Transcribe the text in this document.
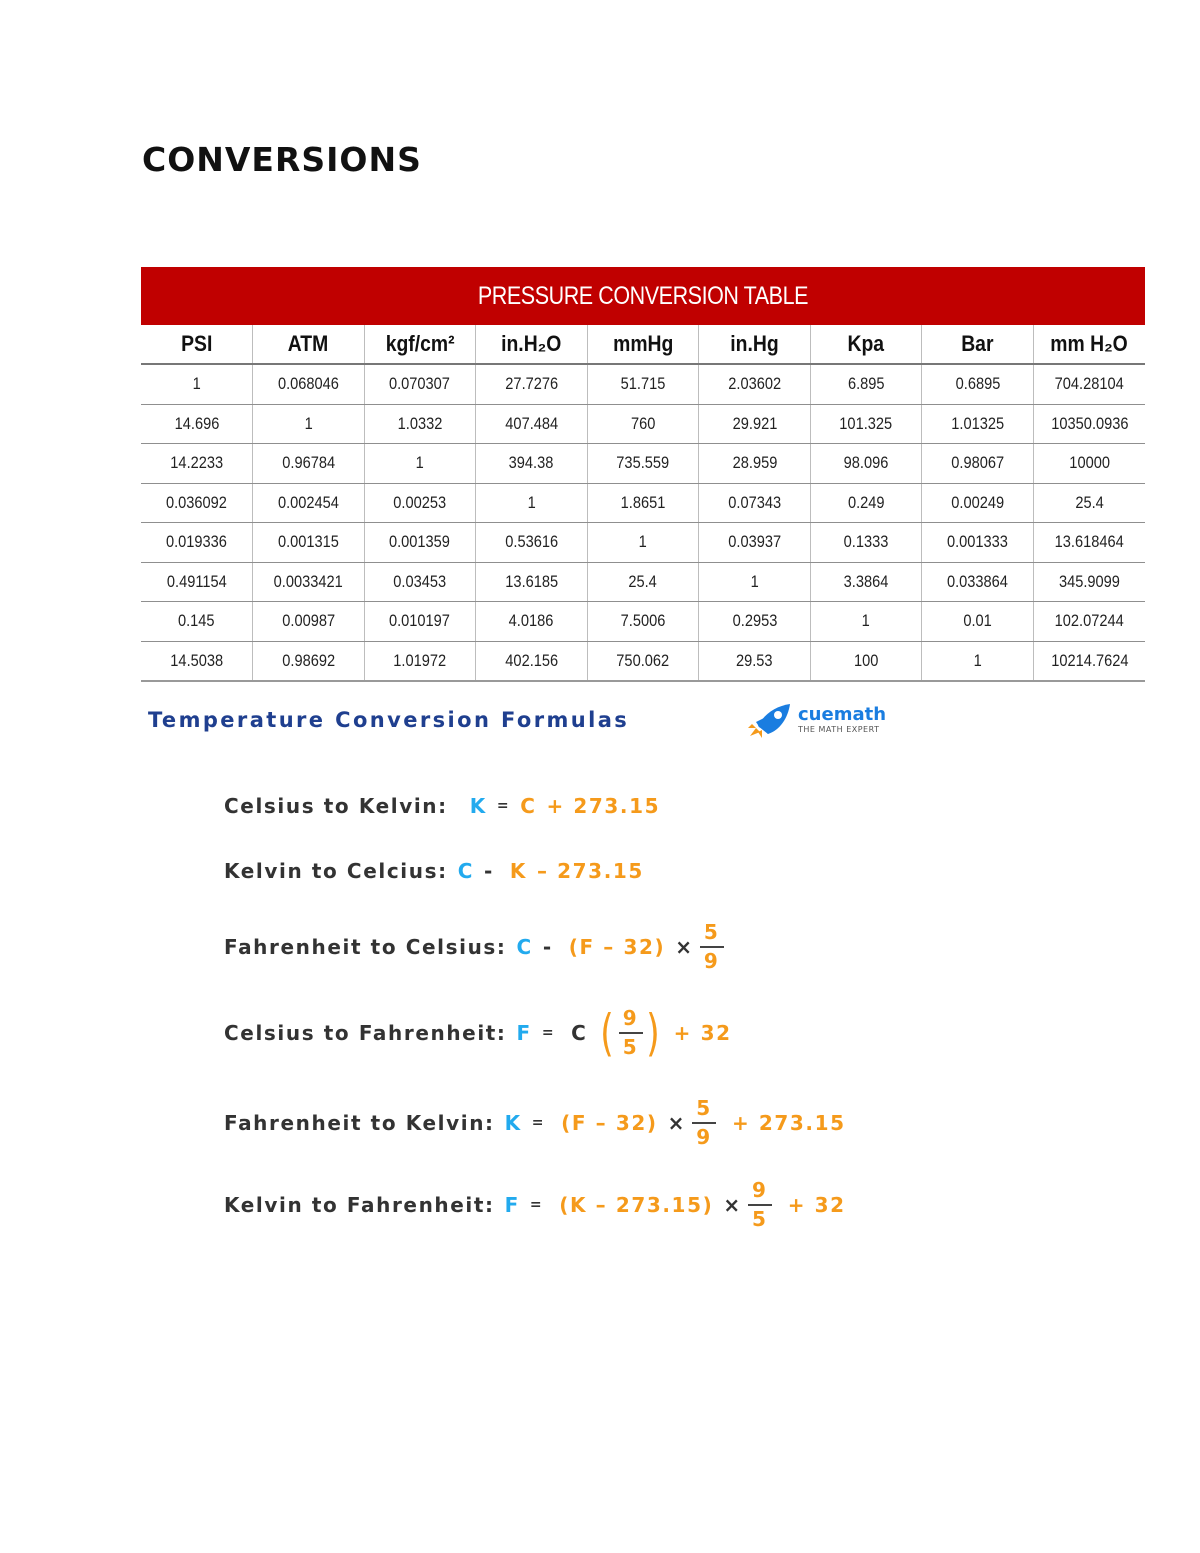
CONVERSIONS
PRESSURE CONVERSION TABLE
PSI	ATM	kgf/cm²	in.H₂O	mmHg	in.Hg	Kpa	Bar	mm H₂O
1	0.068046	0.070307	27.7276	51.715	2.03602	6.895	0.6895	704.28104
14.696	1	1.0332	407.484	760	29.921	101.325	1.01325	10350.0936
14.2233	0.96784	1	394.38	735.559	28.959	98.096	0.98067	10000
0.036092	0.002454	0.00253	1	1.8651	0.07343	0.249	0.00249	25.4
0.019336	0.001315	0.001359	0.53616	1	0.03937	0.1333	0.001333	13.618464
0.491154	0.0033421	0.03453	13.6185	25.4	1	3.3864	0.033864	345.9099
0.145	0.00987	0.010197	4.0186	7.5006	0.2953	1	0.01	102.07244
14.5038	0.98692	1.01972	402.156	750.062	29.53	100	1	10214.7624
Temperature Conversion Formulas	cuemath
THE MATH EXPERT
Celsius to Kelvin: K = C + 273.15
Kelvin to Celcius: C - K – 273.15
Fahrenheit to Celsius: $C - (F - 32) \times \frac{5}{9}$
Celsius to Fahrenheit: F = C ( $\frac{9}{5}$ ) + 32
Fahrenheit to Kelvin: $K = (F - 32) \times \frac{5}{9} + 273.15$
Kelvin to Fahrenheit: $F = (K - 273.15) \times \frac{9}{5} + 32$
